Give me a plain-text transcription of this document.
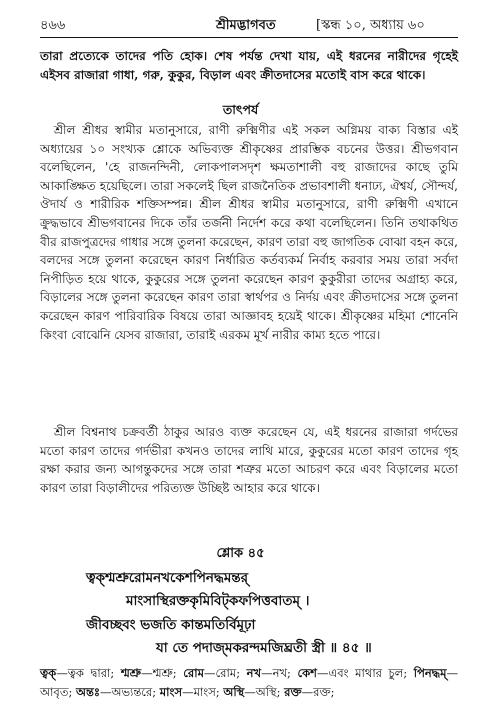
৪৬৬	শ্রীমদ্ভাগবত	[স্কন্ধ ১০, অধ্যায় ৬০
তারা প্রত্যেকে তাদের পতি হোক। শেষ পর্যন্ত দেখা যায়, এই ধরনের নারীদের গৃহেই এইসব রাজারা গাধা, গরু, কুকুর, বিড়াল এবং ক্রীতদাসের মতোই বাস করে থাকে।
তাৎপর্য
শ্রীল শ্রীধর স্বামীর মতানুসারে, রাণী রুক্মিণীর এই সকল অগ্নিময় বাক্য বিস্তার এই অধ্যায়ের ১০ সংখ্যক শ্লোকে অভিব্যক্ত শ্রীকৃষ্ণের প্রারম্ভিক বচনের উত্তর। শ্রীভগবান বলেছিলেন, 'হে রাজনন্দিনী, লোকপালসদৃশ ক্ষমতাশালী বহু রাজাদের কাছে তুমি আকাঙ্ক্ষিত হয়েছিলে। তারা সকলেই ছিল রাজনৈতিক প্রভাবশালী ধনাঢ্য, ঐশ্বর্য, সৌন্দর্য, ঔদার্য ও শারীরিক শক্তিসম্পন্ন। শ্রীল শ্রীধর স্বামীর মতানুসারে, রাণী রুক্মিণী এখানে ক্রুদ্ধভাবে শ্রীভগবানের দিকে তাঁর তর্জনী নির্দেশ করে কথা বলেছিলেন। তিনি তথাকথিত বীর রাজপুত্রদের গাধার সঙ্গে তুলনা করেছেন, কারণ তারা বহু জাগতিক বোঝা বহন করে, বলদের সঙ্গে তুলনা করেছেন কারণ নির্ধারিত কর্তব্যকর্ম নির্বাহ করবার সময় তারা সর্বদা নিপীড়িত হয়ে থাকে, কুকুরের সঙ্গে তুলনা করেছেন কারণ কুকুরীরা তাদের অগ্রাহ্য করে, বিড়ালের সঙ্গে তুলনা করেছেন কারণ তারা স্বার্থপর ও নির্দয় এবং ক্রীতদাসের সঙ্গে তুলনা করেছেন কারণ পারিবারিক বিষয়ে তারা আজ্ঞাবহ হয়েই থাকে। শ্রীকৃষ্ণের মহিমা শোনেনি কিংবা বোঝেনি যেসব রাজারা, তারাই এরকম মূর্খ নারীর কাম্য হতে পারে।
শ্রীল বিশ্বনাথ চক্রবর্তী ঠাকুর আরও ব্যক্ত করেছেন যে, এই ধরনের রাজারা গর্দভের মতো কারণ তাদের গর্দভীরা কখনও তাদের লাথি মারে, কুকুরের মতো কারণ তাদের গৃহ রক্ষা করার জন্য আগন্তুকদের সঙ্গে তারা শত্রুর মতো আচরণ করে এবং বিড়ালের মতো কারণ তারা বিড়ালীদের পরিত্যক্ত উচ্ছিষ্ট আহার করে থাকে।
শ্লোক ৪৫
ত্বক্শ্মশ্রুরোমনখকেশপিনদ্ধমন্তর্
মাংসাস্থিরক্তকৃমিবিট্কফপিত্তবাতম্ ।
জীবচ্ছবং ভজতি কান্তমতির্বিমূঢ়া
যা তে পদাজ্মকরন্দমজিঘ্রতী স্ত্রী ॥ ৪৫ ॥
ত্বক্—ত্বক দ্বারা; শ্মশ্রু—শ্মশ্রু; রোম—রোম; নখ—নখ; কেশ—এবং মাথার চুল; পিনদ্ধম্—আবৃত; অন্তঃ—অভ্যন্তরে; মাংস—মাংস; অস্থি—অস্থি; রক্ত—রক্ত;
